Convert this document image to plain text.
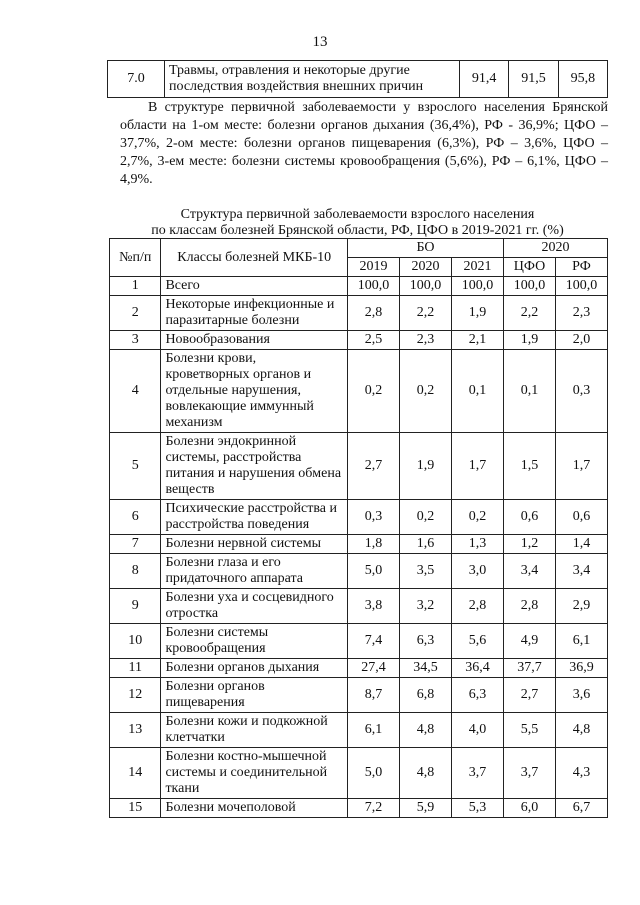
13
7.0	Травмы, отравления и некоторые другие последствия воздействия внешних причин	91,4	91,5	95,8
В структуре первичной заболеваемости у взрослого населения Брянской области на 1-ом месте: болезни органов дыхания (36,4%), РФ - 36,9%; ЦФО – 37,7%, 2-ом месте: болезни органов пищеварения (6,3%), РФ – 3,6%, ЦФО – 2,7%, 3-ем месте: болезни системы кровообращения (5,6%), РФ – 6,1%, ЦФО – 4,9%.
Структура первичной заболеваемости взрослого населения
по классам болезней Брянской области, РФ, ЦФО в 2019-2021 гг. (%)
№п/п	Классы болезней МКБ-10	БО			2020	
		2019	2020	2021	ЦФО	РФ
1	Всего	100,0	100,0	100,0	100,0	100,0
2	Некоторые инфекционные и паразитарные болезни	2,8	2,2	1,9	2,2	2,3
3	Новообразования	2,5	2,3	2,1	1,9	2,0
4	Болезни крови, кроветворных органов и отдельные нарушения, вовлекающие иммунный механизм	0,2	0,2	0,1	0,1	0,3
5	Болезни эндокринной системы, расстройства питания и нарушения обмена веществ	2,7	1,9	1,7	1,5	1,7
6	Психические расстройства и расстройства поведения	0,3	0,2	0,2	0,6	0,6
7	Болезни нервной системы	1,8	1,6	1,3	1,2	1,4
8	Болезни глаза и его придаточного аппарата	5,0	3,5	3,0	3,4	3,4
9	Болезни уха и сосцевидного отростка	3,8	3,2	2,8	2,8	2,9
10	Болезни системы кровообращения	7,4	6,3	5,6	4,9	6,1
11	Болезни органов дыхания	27,4	34,5	36,4	37,7	36,9
12	Болезни органов пищеварения	8,7	6,8	6,3	2,7	3,6
13	Болезни кожи и подкожной клетчатки	6,1	4,8	4,0	5,5	4,8
14	Болезни костно-мышечной системы и соединительной ткани	5,0	4,8	3,7	3,7	4,3
15	Болезни мочеполовой	7,2	5,9	5,3	6,0	6,7
